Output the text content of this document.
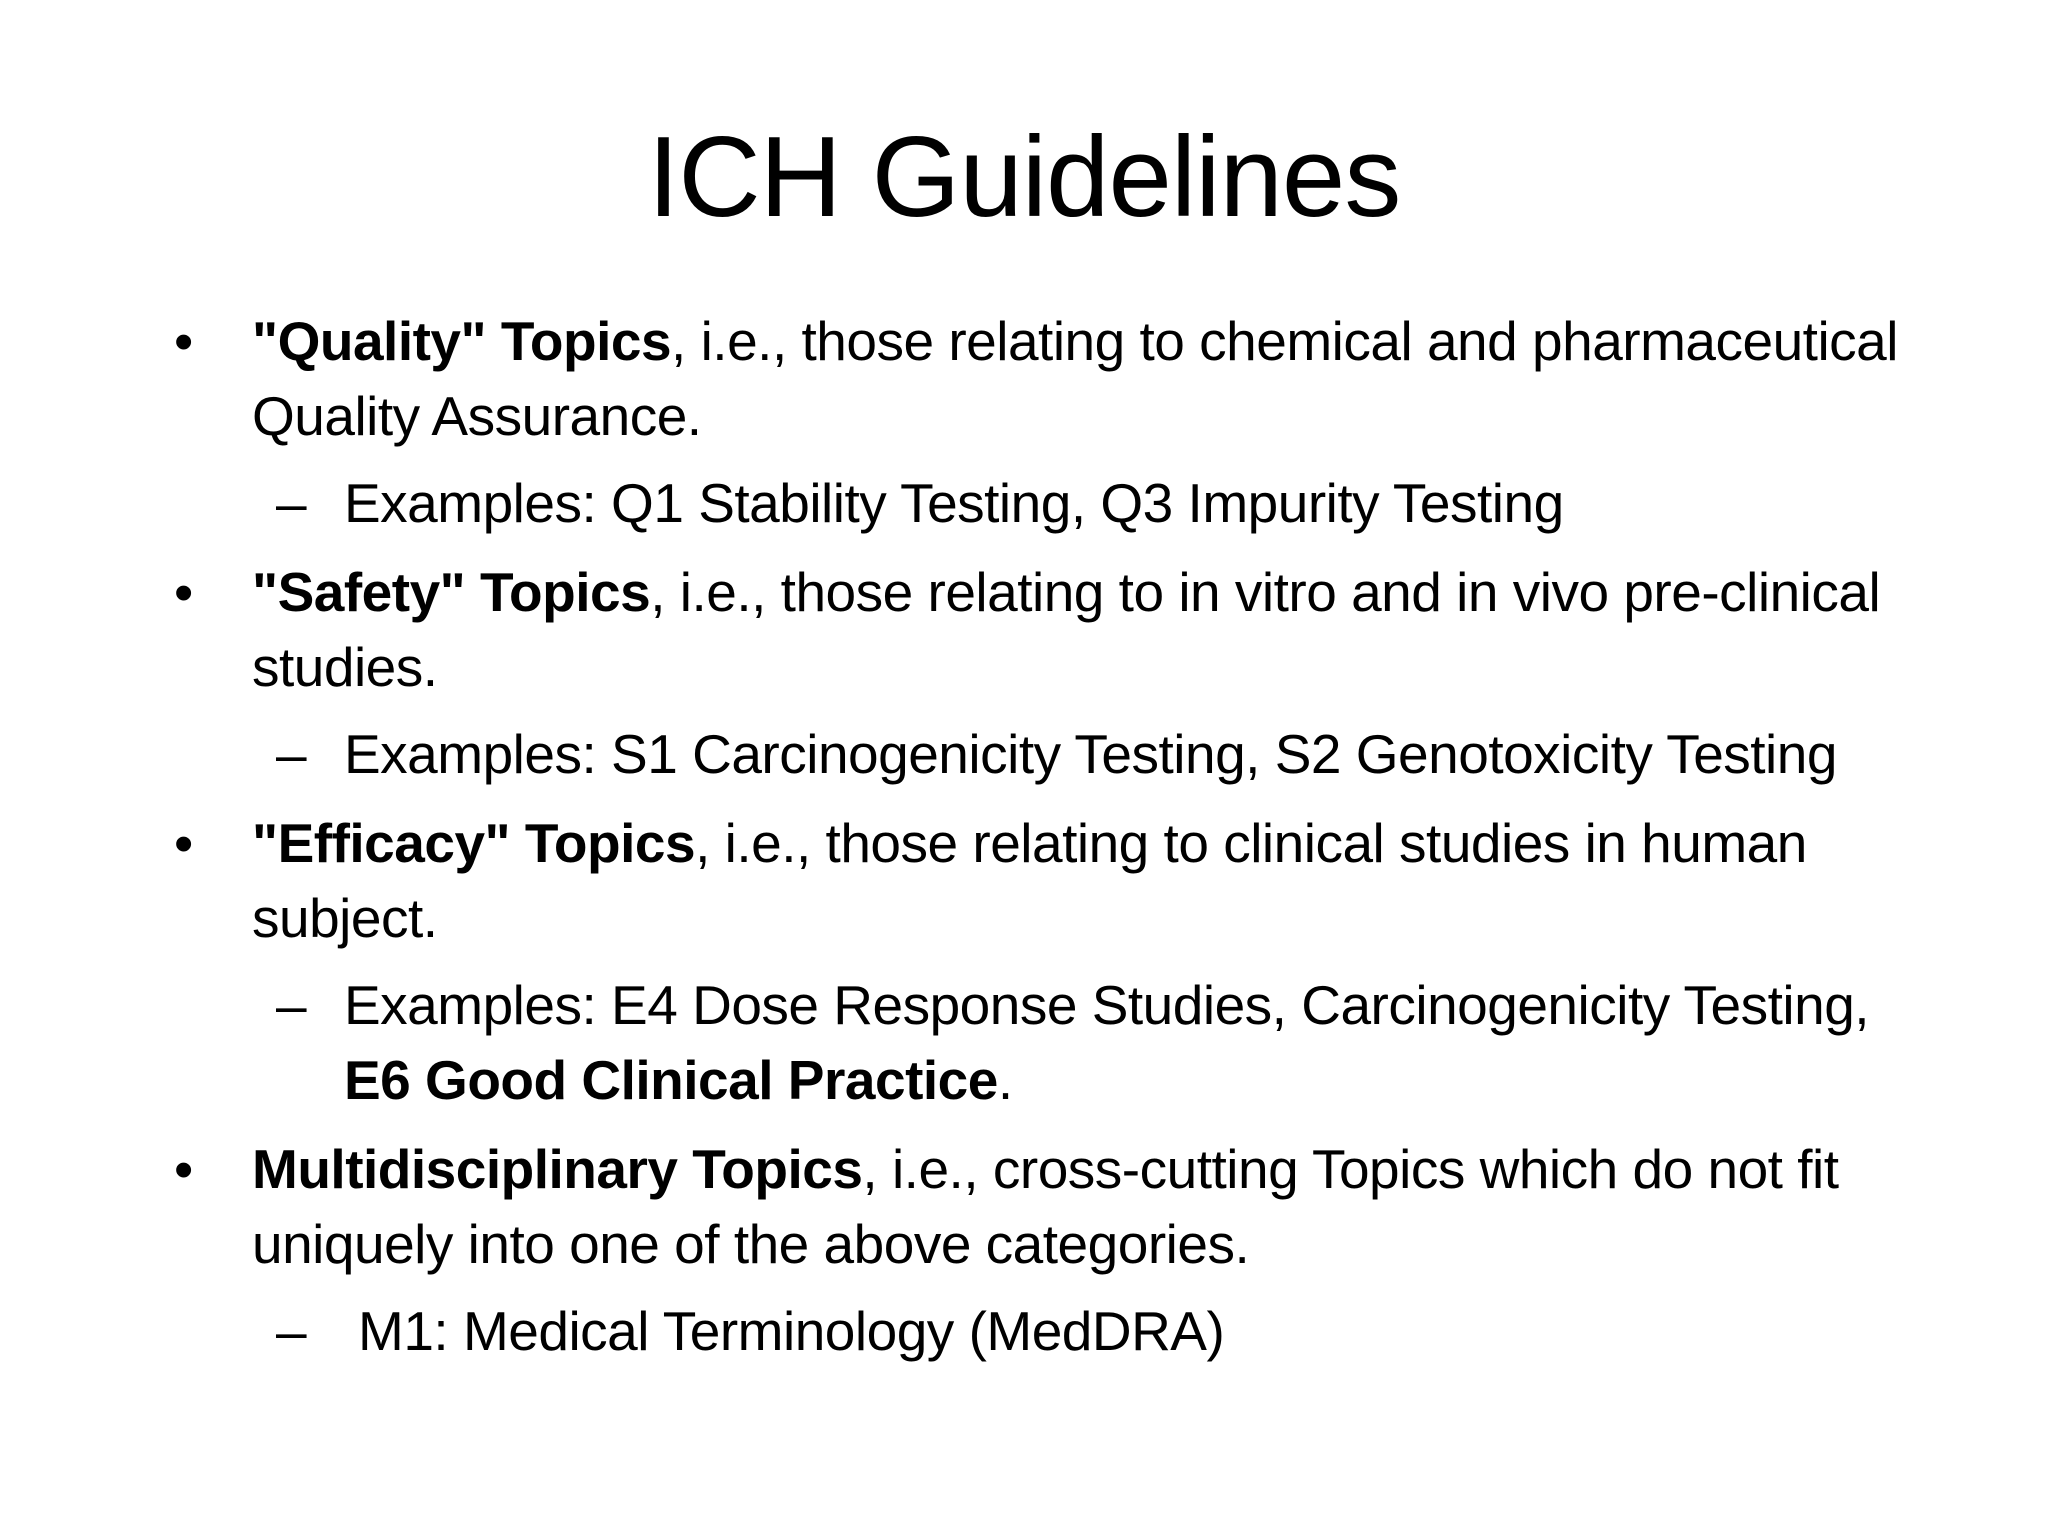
ICH Guidelines
• "Quality" Topics, i.e., those relating to chemical and pharmaceutical Quality Assurance.
– Examples: Q1 Stability Testing, Q3 Impurity Testing
• "Safety" Topics, i.e., those relating to in vitro and in vivo pre-clinical studies.
– Examples: S1 Carcinogenicity Testing, S2 Genotoxicity Testing
• "Efficacy" Topics, i.e., those relating to clinical studies in human subject.
– Examples: E4 Dose Response Studies, Carcinogenicity Testing, E6 Good Clinical Practice.
• Multidisciplinary Topics, i.e., cross-cutting Topics which do not fit uniquely into one of the above categories.
– M1: Medical Terminology (MedDRA)
